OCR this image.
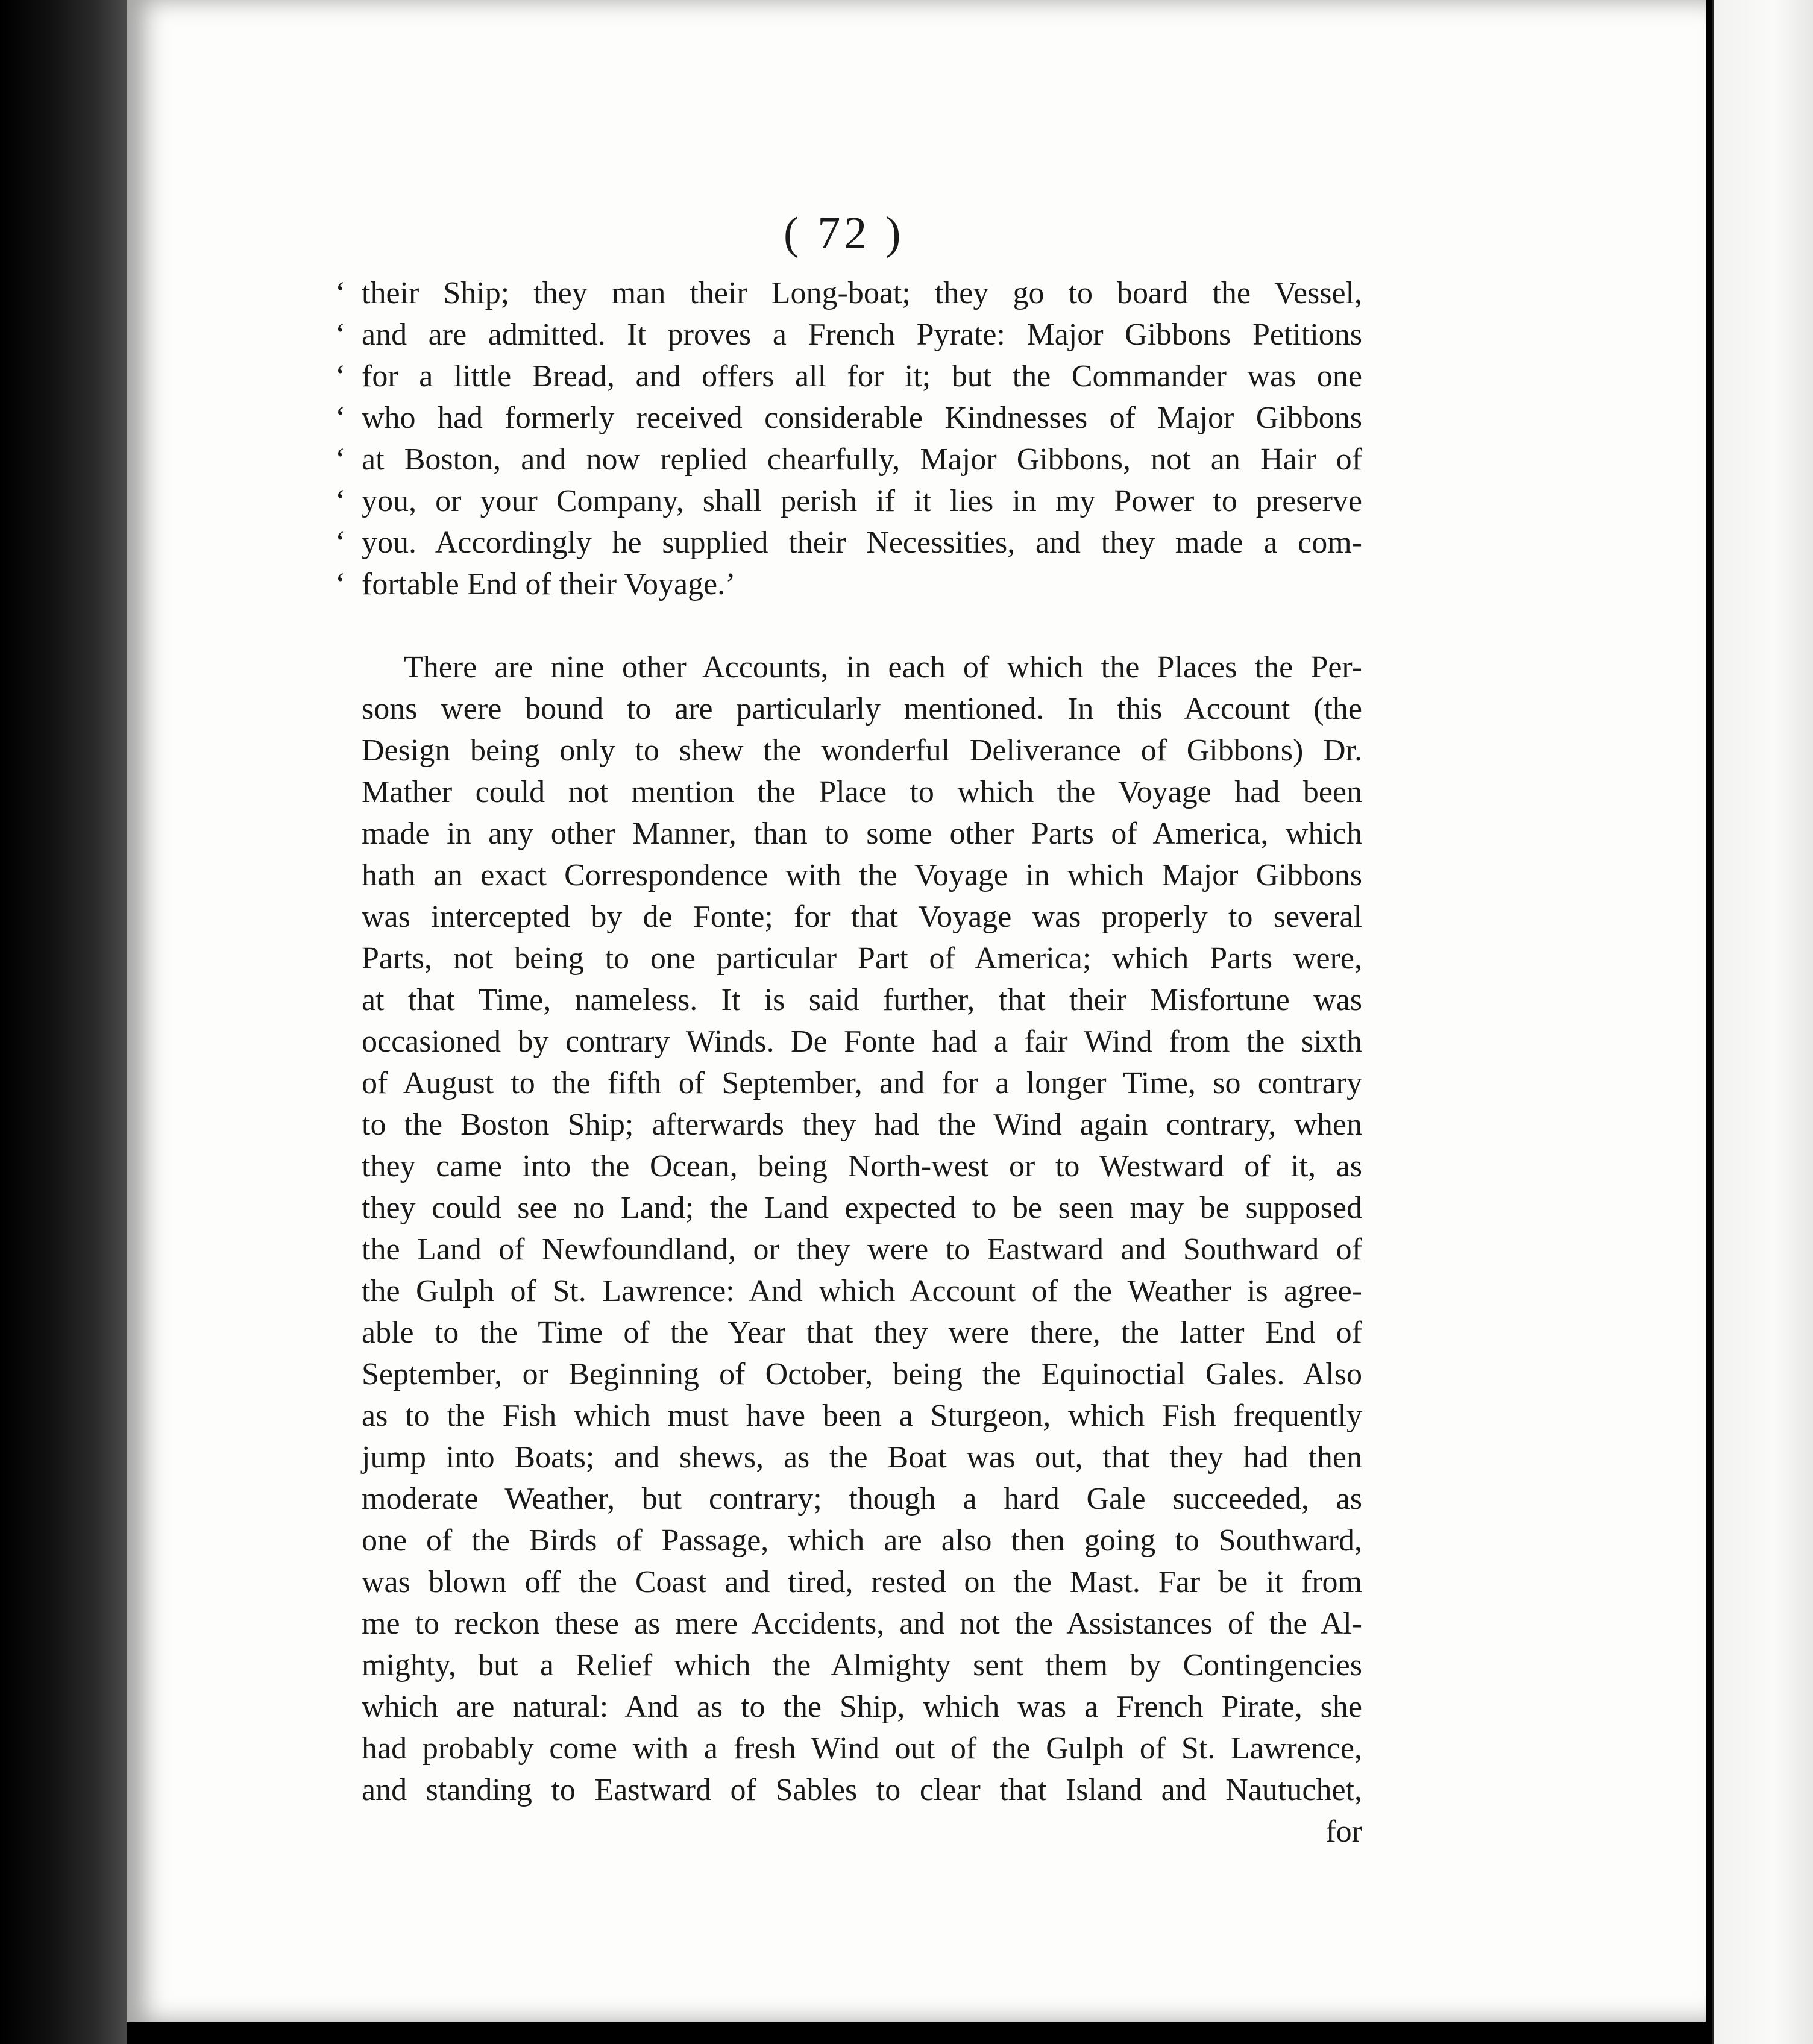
( 72 )
‘ their Ship; they man their Long-boat; they go to board the Vessel,
‘ and are admitted. It proves a French Pyrate: Major Gibbons Petitions
‘ for a little Bread, and offers all for it; but the Commander was one
‘ who had formerly received considerable Kindnesses of Major Gibbons
‘ at Boston, and now replied chearfully, Major Gibbons, not an Hair of
‘ you, or your Company, shall perish if it lies in my Power to preserve
‘ you. Accordingly he supplied their Necessities, and they made a com-
‘ fortable End of their Voyage.’
There are nine other Accounts, in each of which the Places the Per-
sons were bound to are particularly mentioned. In this Account (the
Design being only to shew the wonderful Deliverance of Gibbons) Dr.
Mather could not mention the Place to which the Voyage had been
made in any other Manner, than to some other Parts of America, which
hath an exact Correspondence with the Voyage in which Major Gibbons
was intercepted by de Fonte; for that Voyage was properly to several
Parts, not being to one particular Part of America; which Parts were,
at that Time, nameless. It is said further, that their Misfortune was
occasioned by contrary Winds. De Fonte had a fair Wind from the sixth
of August to the fifth of September, and for a longer Time, so contrary
to the Boston Ship; afterwards they had the Wind again contrary, when
they came into the Ocean, being North-west or to Westward of it, as
they could see no Land; the Land expected to be seen may be supposed
the Land of Newfoundland, or they were to Eastward and Southward of
the Gulph of St. Lawrence: And which Account of the Weather is agree-
able to the Time of the Year that they were there, the latter End of
September, or Beginning of October, being the Equinoctial Gales. Also
as to the Fish which must have been a Sturgeon, which Fish frequently
jump into Boats; and shews, as the Boat was out, that they had then
moderate Weather, but contrary; though a hard Gale succeeded, as
one of the Birds of Passage, which are also then going to Southward,
was blown off the Coast and tired, rested on the Mast. Far be it from
me to reckon these as mere Accidents, and not the Assistances of the Al-
mighty, but a Relief which the Almighty sent them by Contingencies
which are natural: And as to the Ship, which was a French Pirate, she
had probably come with a fresh Wind out of the Gulph of St. Lawrence,
and standing to Eastward of Sables to clear that Island and Nautuchet,
for
